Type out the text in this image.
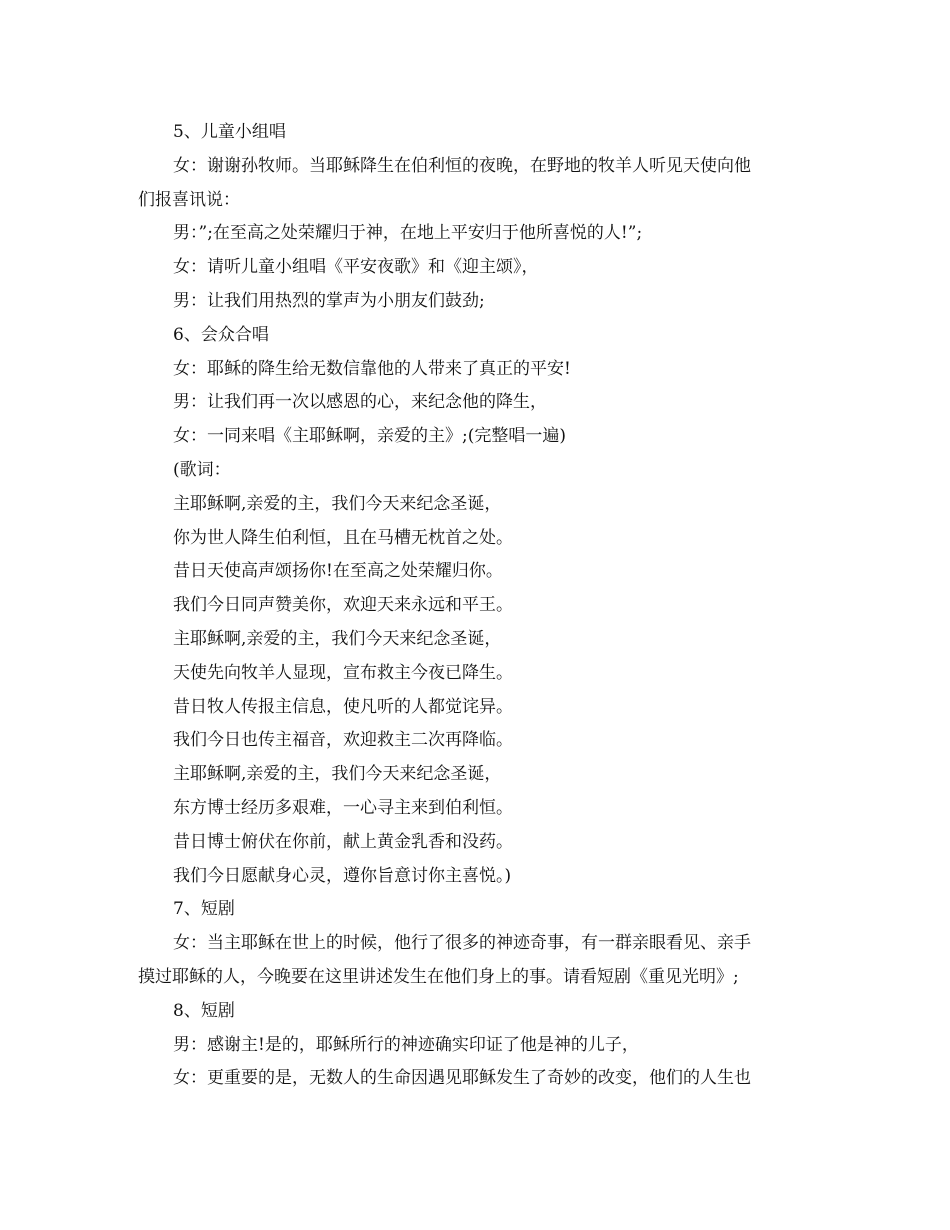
5、儿童小组唱

女：谢谢孙牧师。当耶稣降生在伯利恒的夜晚，在野地的牧羊人听见天使向他

们报喜讯说：

男：”;在至高之处荣耀归于神，在地上平安归于他所喜悦的人!”;

女：请听儿童小组唱《平安夜歌》和《迎主颂》，

男：让我们用热烈的掌声为小朋友们鼓劲;

6、会众合唱

女：耶稣的降生给无数信靠他的人带来了真正的平安!

男：让我们再一次以感恩的心，来纪念他的降生，

女：一同来唱《主耶稣啊，亲爱的主》;(完整唱一遍)

(歌词：

主耶稣啊,亲爱的主，我们今天来纪念圣诞，

你为世人降生伯利恒，且在马槽无枕首之处。

昔日天使高声颂扬你!在至高之处荣耀归你。

我们今日同声赞美你，欢迎天来永远和平王。

主耶稣啊,亲爱的主，我们今天来纪念圣诞，

天使先向牧羊人显现，宣布救主今夜已降生。

昔日牧人传报主信息，使凡听的人都觉诧异。

我们今日也传主福音，欢迎救主二次再降临。

主耶稣啊,亲爱的主，我们今天来纪念圣诞，

东方博士经历多艰难，一心寻主来到伯利恒。

昔日博士俯伏在你前，献上黄金乳香和没药。

我们今日愿献身心灵，遵你旨意讨你主喜悦。)

7、短剧

女：当主耶稣在世上的时候，他行了很多的神迹奇事，有一群亲眼看见、亲手

摸过耶稣的人，今晚要在这里讲述发生在他们身上的事。请看短剧《重见光明》;

8、短剧

男：感谢主!是的，耶稣所行的神迹确实印证了他是神的儿子，

女：更重要的是，无数人的生命因遇见耶稣发生了奇妙的改变，他们的人生也
